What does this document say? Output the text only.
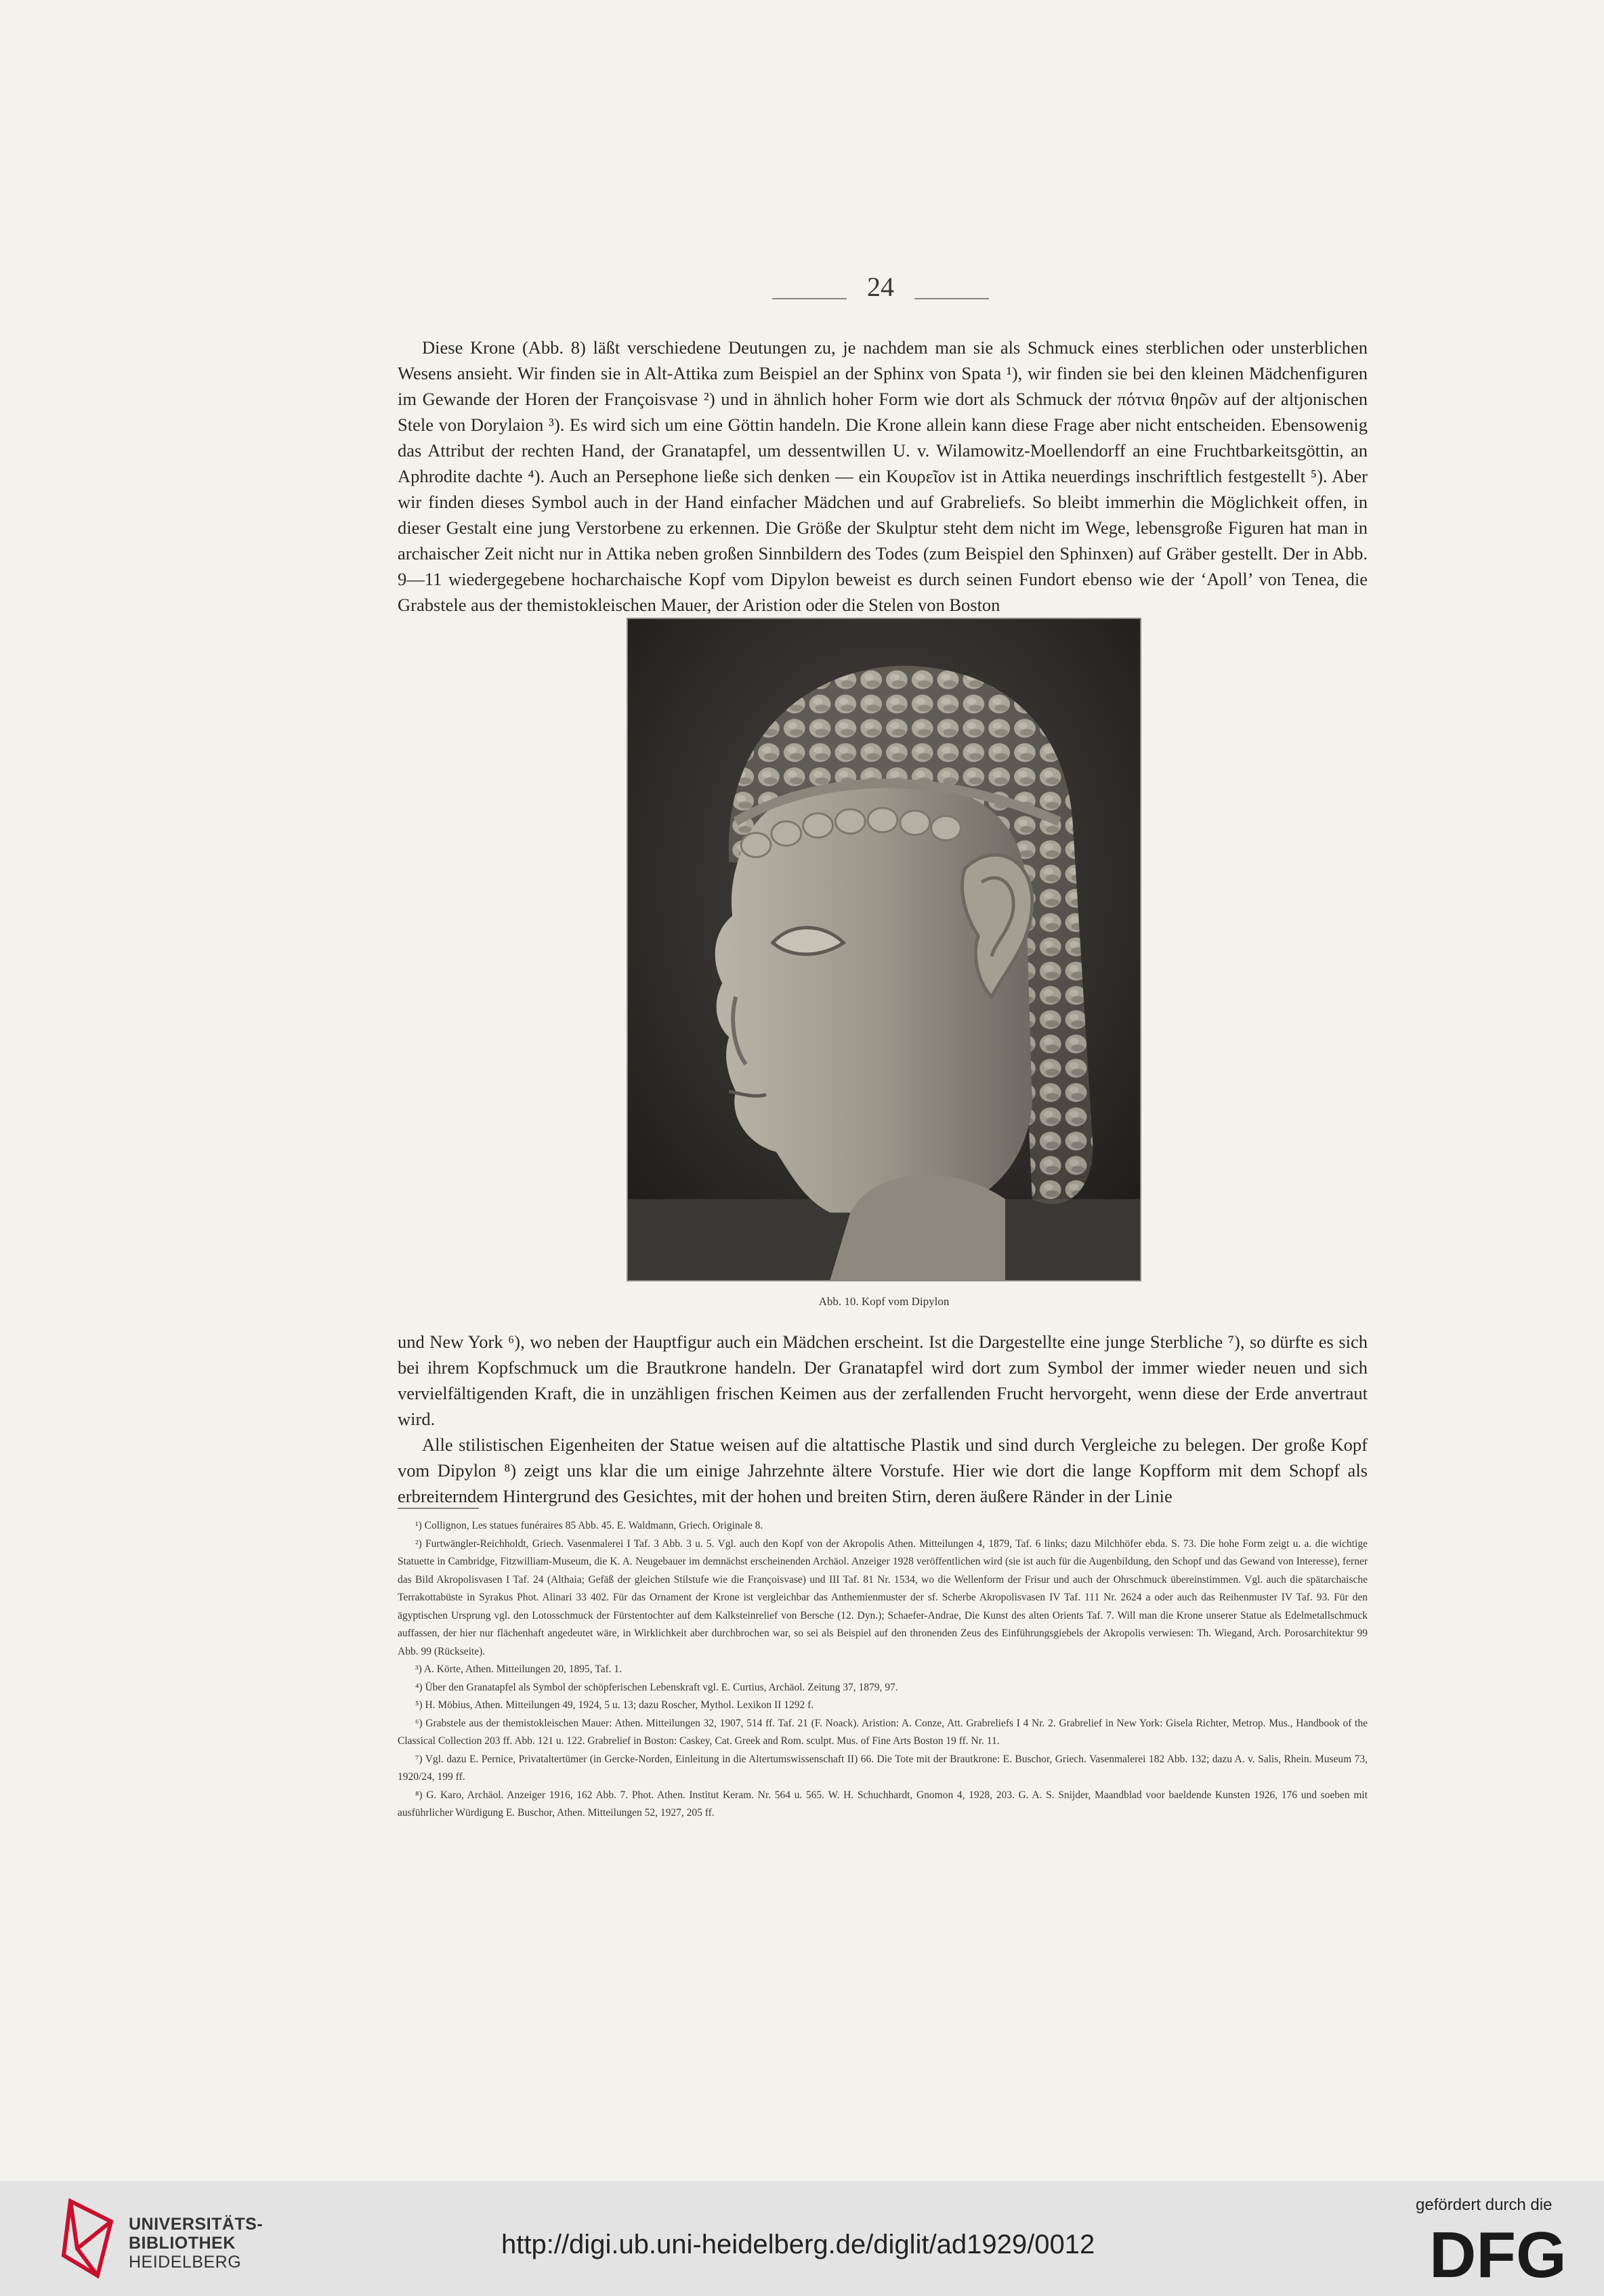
24

Diese Krone (Abb. 8) läßt verschiedene Deutungen zu, je nachdem man sie als Schmuck eines sterblichen oder unsterblichen Wesens ansieht. Wir finden sie in Alt-Attika zum Beispiel an der Sphinx von Spata ¹), wir finden sie bei den kleinen Mädchenfiguren im Gewande der Horen der Françoisvase ²) und in ähnlich hoher Form wie dort als Schmuck der πότνια θηρῶν auf der altjonischen Stele von Dorylaion ³). Es wird sich um eine Göttin handeln. Die Krone allein kann diese Frage aber nicht entscheiden. Ebensowenig das Attribut der rechten Hand, der Granatapfel, um dessentwillen U. v. Wilamowitz-Moellendorff an eine Fruchtbarkeitsgöttin, an Aphrodite dachte ⁴). Auch an Persephone ließe sich denken — ein Κουρεῖον ist in Attika neuerdings inschriftlich festgestellt ⁵). Aber wir finden dieses Symbol auch in der Hand einfacher Mädchen und auf Grabreliefs. So bleibt immerhin die Möglichkeit offen, in dieser Gestalt eine jung Verstorbene zu erkennen. Die Größe der Skulptur steht dem nicht im Wege, lebensgroße Figuren hat man in archaischer Zeit nicht nur in Attika neben großen Sinnbildern des Todes (zum Beispiel den Sphinxen) auf Gräber gestellt. Der in Abb. 9—11 wiedergegebene hocharchaische Kopf vom Dipylon beweist es durch seinen Fundort ebenso wie der ‘Apoll’ von Tenea, die Grabstele aus der themistokleischen Mauer, der Aristion oder die Stelen von Boston

Abb. 10. Kopf vom Dipylon

und New York ⁶), wo neben der Hauptfigur auch ein Mädchen erscheint. Ist die Dargestellte eine junge Sterbliche ⁷), so dürfte es sich bei ihrem Kopfschmuck um die Brautkrone handeln. Der Granatapfel wird dort zum Symbol der immer wieder neuen und sich vervielfältigenden Kraft, die in unzähligen frischen Keimen aus der zerfallenden Frucht hervorgeht, wenn diese der Erde anvertraut wird.

Alle stilistischen Eigenheiten der Statue weisen auf die altattische Plastik und sind durch Vergleiche zu belegen. Der große Kopf vom Dipylon ⁸) zeigt uns klar die um einige Jahrzehnte ältere Vorstufe. Hier wie dort die lange Kopfform mit dem Schopf als erbreiterndem Hintergrund des Gesichtes, mit der hohen und breiten Stirn, deren äußere Ränder in der Linie

¹) Collignon, Les statues funéraires 85 Abb. 45. E. Waldmann, Griech. Originale 8.

²) Furtwängler-Reichholdt, Griech. Vasenmalerei I Taf. 3 Abb. 3 u. 5. Vgl. auch den Kopf von der Akropolis Athen. Mitteilungen 4, 1879, Taf. 6 links; dazu Milchhöfer ebda. S. 73. Die hohe Form zeigt u. a. die wichtige Statuette in Cambridge, Fitzwilliam-Museum, die K. A. Neugebauer im demnächst erscheinenden Archäol. Anzeiger 1928 veröffentlichen wird (sie ist auch für die Augenbildung, den Schopf und das Gewand von Interesse), ferner das Bild Akropolisvasen I Taf. 24 (Althaia; Gefäß der gleichen Stilstufe wie die Françoisvase) und III Taf. 81 Nr. 1534, wo die Wellenform der Frisur und auch der Ohrschmuck übereinstimmen. Vgl. auch die spätarchaische Terrakottabüste in Syrakus Phot. Alinari 33 402. Für das Ornament der Krone ist vergleichbar das Anthemienmuster der sf. Scherbe Akropolisvasen IV Taf. 111 Nr. 2624 a oder auch das Reihenmuster IV Taf. 93. Für den ägyptischen Ursprung vgl. den Lotosschmuck der Fürstentochter auf dem Kalksteinrelief von Bersche (12. Dyn.); Schaefer-Andrae, Die Kunst des alten Orients Taf. 7. Will man die Krone unserer Statue als Edelmetallschmuck auffassen, der hier nur flächenhaft angedeutet wäre, in Wirklichkeit aber durchbrochen war, so sei als Beispiel auf den thronenden Zeus des Einführungsgiebels der Akropolis verwiesen: Th. Wiegand, Arch. Porosarchitektur 99 Abb. 99 (Rückseite).

³) A. Körte, Athen. Mitteilungen 20, 1895, Taf. 1.

⁴) Über den Granatapfel als Symbol der schöpferischen Lebenskraft vgl. E. Curtius, Archäol. Zeitung 37, 1879, 97.

⁵) H. Möbius, Athen. Mitteilungen 49, 1924, 5 u. 13; dazu Roscher, Mythol. Lexikon II 1292 f.

⁶) Grabstele aus der themistokleischen Mauer: Athen. Mitteilungen 32, 1907, 514 ff. Taf. 21 (F. Noack). Aristion: A. Conze, Att. Grabreliefs I 4 Nr. 2. Grabrelief in New York: Gisela Richter, Metrop. Mus., Handbook of the Classical Collection 203 ff. Abb. 121 u. 122. Grabrelief in Boston: Caskey, Cat. Greek and Rom. sculpt. Mus. of Fine Arts Boston 19 ff. Nr. 11.

⁷) Vgl. dazu E. Pernice, Privataltertümer (in Gercke-Norden, Einleitung in die Altertumswissenschaft II) 66. Die Tote mit der Brautkrone: E. Buschor, Griech. Vasenmalerei 182 Abb. 132; dazu A. v. Salis, Rhein. Museum 73, 1920/24, 199 ff.

⁸) G. Karo, Archäol. Anzeiger 1916, 162 Abb. 7. Phot. Athen. Institut Keram. Nr. 564 u. 565. W. H. Schuchhardt, Gnomon 4, 1928, 203. G. A. S. Snijder, Maandblad voor baeldende Kunsten 1926, 176 und soeben mit ausführlicher Würdigung E. Buschor, Athen. Mitteilungen 52, 1927, 205 ff.

UNIVERSITÄTS-
BIBLIOTHEK
HEIDELBERG
http://digi.ub.uni-heidelberg.de/diglit/ad1929/0012
gefördert durch die
DFG
